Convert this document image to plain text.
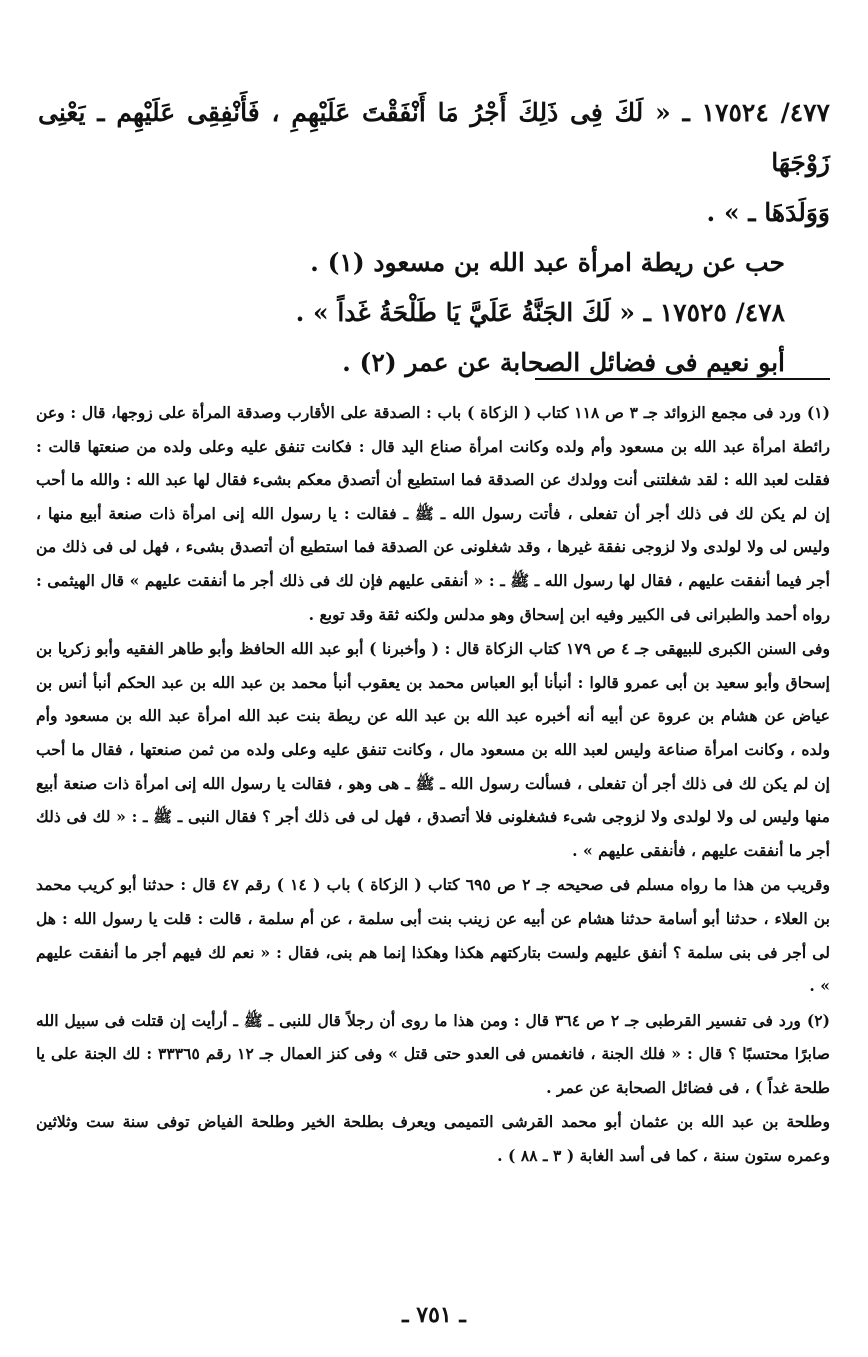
٤٧٧/ ١٧٥٢٤ ـ « لَكَ فِى ذَلِكَ أَجْرُ مَا أَنْفَقْتَ عَلَيْهِمِ ، فَأَنْفِقِى عَلَيْهِم ـ يَعْنِى زَوْجَهَا

وَوَلَدَهَا ـ » .

حب عن ريطة امرأة عبد الله بن مسعود (١) .

٤٧٨/ ١٧٥٢٥ ـ « لَكَ الجَنَّةُ عَلَيَّ يَا طَلْحَةُ غَداً » .

أبو نعيم فى فضائل الصحابة عن عمر (٢) .

(١) ورد فى مجمع الزوائد جـ ٣ ص ١١٨ كتاب ( الزكاة ) باب : الصدقة على الأقارب وصدقة المرأة على زوجها، قال : وعن رائطة امرأة عبد الله بن مسعود وأم ولده وكانت امرأة صناع اليد قال : فكانت تنفق عليه وعلى ولده من صنعتها قالت : فقلت لعبد الله : لقد شغلتنى أنت وولدك عن الصدقة فما استطيع أن أتصدق معكم بشىء فقال لها عبد الله : والله ما أحب إن لم يكن لك فى ذلك أجر أن تفعلى ، فأتت رسول الله ـ ﷺ ـ فقالت : يا رسول الله إنى امرأة ذات صنعة أبيع منها ، وليس لى ولا لولدى ولا لزوجى نفقة غيرها ، وقد شغلونى عن الصدقة فما استطيع أن أتصدق بشىء ، فهل لى فى ذلك من أجر فيما أنفقت عليهم ، فقال لها رسول الله ـ ﷺ ـ : « أنفقى عليهم فإن لك فى ذلك أجر ما أنفقت عليهم » قال الهيثمى : رواه أحمد والطبرانى فى الكبير وفيه ابن إسحاق وهو مدلس ولكنه ثقة وقد توبع .

وفى السنن الكبرى للبيهقى جـ ٤ ص ١٧٩ كتاب الزكاة قال : ( وأخبرنا ) أبو عبد الله الحافظ وأبو طاهر الفقيه وأبو زكريا بن إسحاق وأبو سعيد بن أبى عمرو قالوا : أنبأنا أبو العباس محمد بن يعقوب أنبأ محمد بن عبد الله بن عبد الحكم أنبأ أنس بن عياض عن هشام بن عروة عن أبيه أنه أخبره عبد الله بن عبد الله عن ريطة بنت عبد الله امرأة عبد الله بن مسعود وأم ولده ، وكانت امرأة صناعة وليس لعبد الله بن مسعود مال ، وكانت تنفق عليه وعلى ولده من ثمن صنعتها ، فقال ما أحب إن لم يكن لك فى ذلك أجر أن تفعلى ، فسألت رسول الله ـ ﷺ ـ هى وهو ، فقالت يا رسول الله إنى امرأة ذات صنعة أبيع منها وليس لى ولا لولدى ولا لزوجى شىء فشغلونى فلا أتصدق ، فهل لى فى ذلك أجر ؟ فقال النبى ـ ﷺ ـ : « لك فى ذلك أجر ما أنفقت عليهم ، فأنفقى عليهم » .

وقريب من هذا ما رواه مسلم فى صحيحه جـ ٢ ص ٦٩٥ كتاب ( الزكاة ) باب ( ١٤ ) رقم ٤٧ قال : حدثنا أبو كريب محمد بن العلاء ، حدثنا أبو أسامة حدثنا هشام عن أبيه عن زينب بنت أبى سلمة ، عن أم سلمة ، قالت : قلت يا رسول الله : هل لى أجر فى بنى سلمة ؟ أنفق عليهم ولست بتاركتهم هكذا وهكذا إنما هم بنى، فقال : « نعم لك فيهم أجر ما أنفقت عليهم » .

(٢) ورد فى تفسير القرطبى جـ ٢ ص ٣٦٤ قال : ومن هذا ما روى أن رجلاً قال للنبى ـ ﷺ ـ أرأيت إن قتلت فى سبيل الله صابرًا محتسبًا ؟ قال : « فلك الجنة ، فانغمس فى العدو حتى قتل » وفى كنز العمال جـ ١٢ رقم ٣٣٣٦٥ : لك الجنة على يا طلحة غداً ) ، فى فضائل الصحابة عن عمر .

وطلحة بن عبد الله بن عثمان أبو محمد القرشى التميمى ويعرف بطلحة الخير وطلحة الفياض توفى سنة ست وثلاثين وعمره ستون سنة ، كما فى أسد الغابة ( ٣ ـ ٨٨ ) .

ـ ٧٥١ ـ
